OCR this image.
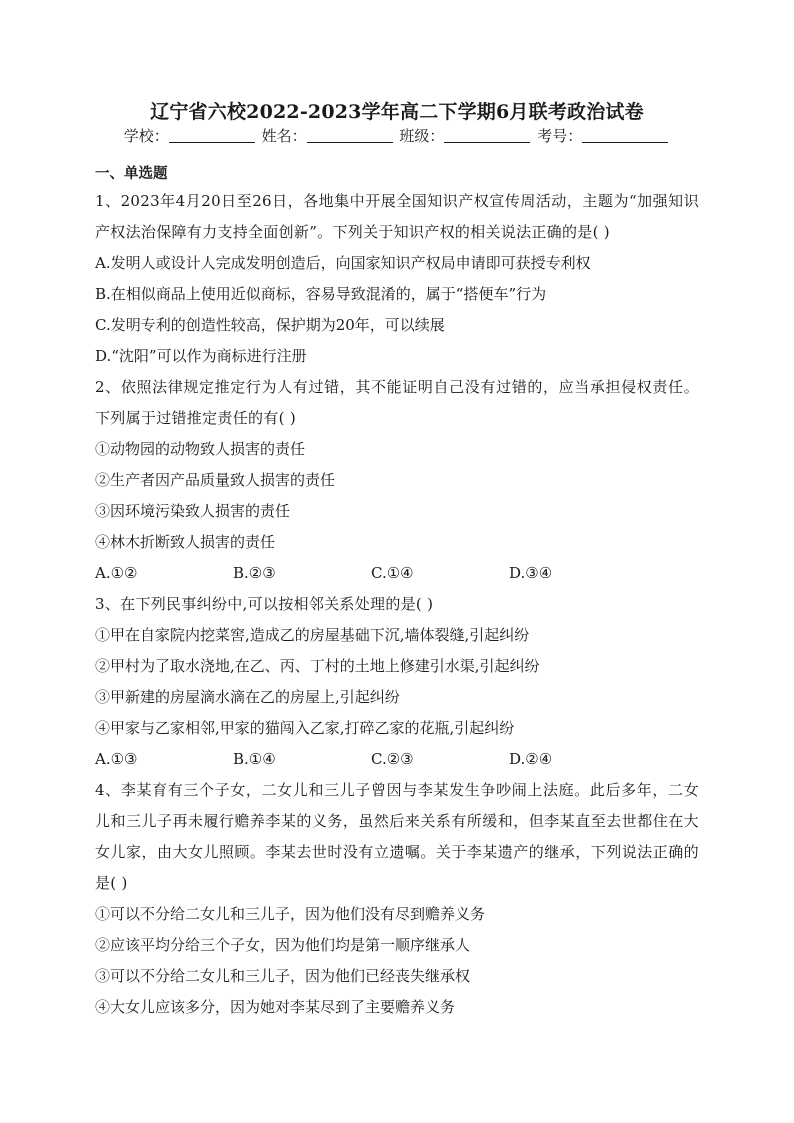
辽宁省六校2022-2023学年高二下学期6月联考政治试卷
学校：	姓名：	班级：	考号：
一、单选题
1、2023年4月20日至26日，各地集中开展全国知识产权宣传周活动，主题为“加强知识产权法治保障有力支持全面创新”。下列关于知识产权的相关说法正确的是( )
A.发明人或设计人完成发明创造后，向国家知识产权局申请即可获授专利权
B.在相似商品上使用近似商标，容易导致混淆的，属于“搭便车”行为
C.发明专利的创造性较高，保护期为20年，可以续展
D.“沈阳”可以作为商标进行注册
2、依照法律规定推定行为人有过错，其不能证明自己没有过错的，应当承担侵权责任。下列属于过错推定责任的有( )
①动物园的动物致人损害的责任
②生产者因产品质量致人损害的责任
③因环境污染致人损害的责任
④林木折断致人损害的责任
A.①②	B.②③	C.①④	D.③④
3、在下列民事纠纷中,可以按相邻关系处理的是( )
①甲在自家院内挖菜窖,造成乙的房屋基础下沉,墙体裂缝,引起纠纷
②甲村为了取水浇地,在乙、丙、丁村的土地上修建引水渠,引起纠纷
③甲新建的房屋滴水滴在乙的房屋上,引起纠纷
④甲家与乙家相邻,甲家的猫闯入乙家,打碎乙家的花瓶,引起纠纷
A.①③	B.①④	C.②③	D.②④
4、李某育有三个子女，二女儿和三儿子曾因与李某发生争吵闹上法庭。此后多年，二女儿和三儿子再未履行赡养李某的义务，虽然后来关系有所缓和，但李某直至去世都住在大女儿家，由大女儿照顾。李某去世时没有立遗嘱。关于李某遗产的继承，下列说法正确的是( )
①可以不分给二女儿和三儿子，因为他们没有尽到赡养义务
②应该平均分给三个子女，因为他们均是第一顺序继承人
③可以不分给二女儿和三儿子，因为他们已经丧失继承权
④大女儿应该多分，因为她对李某尽到了主要赡养义务
